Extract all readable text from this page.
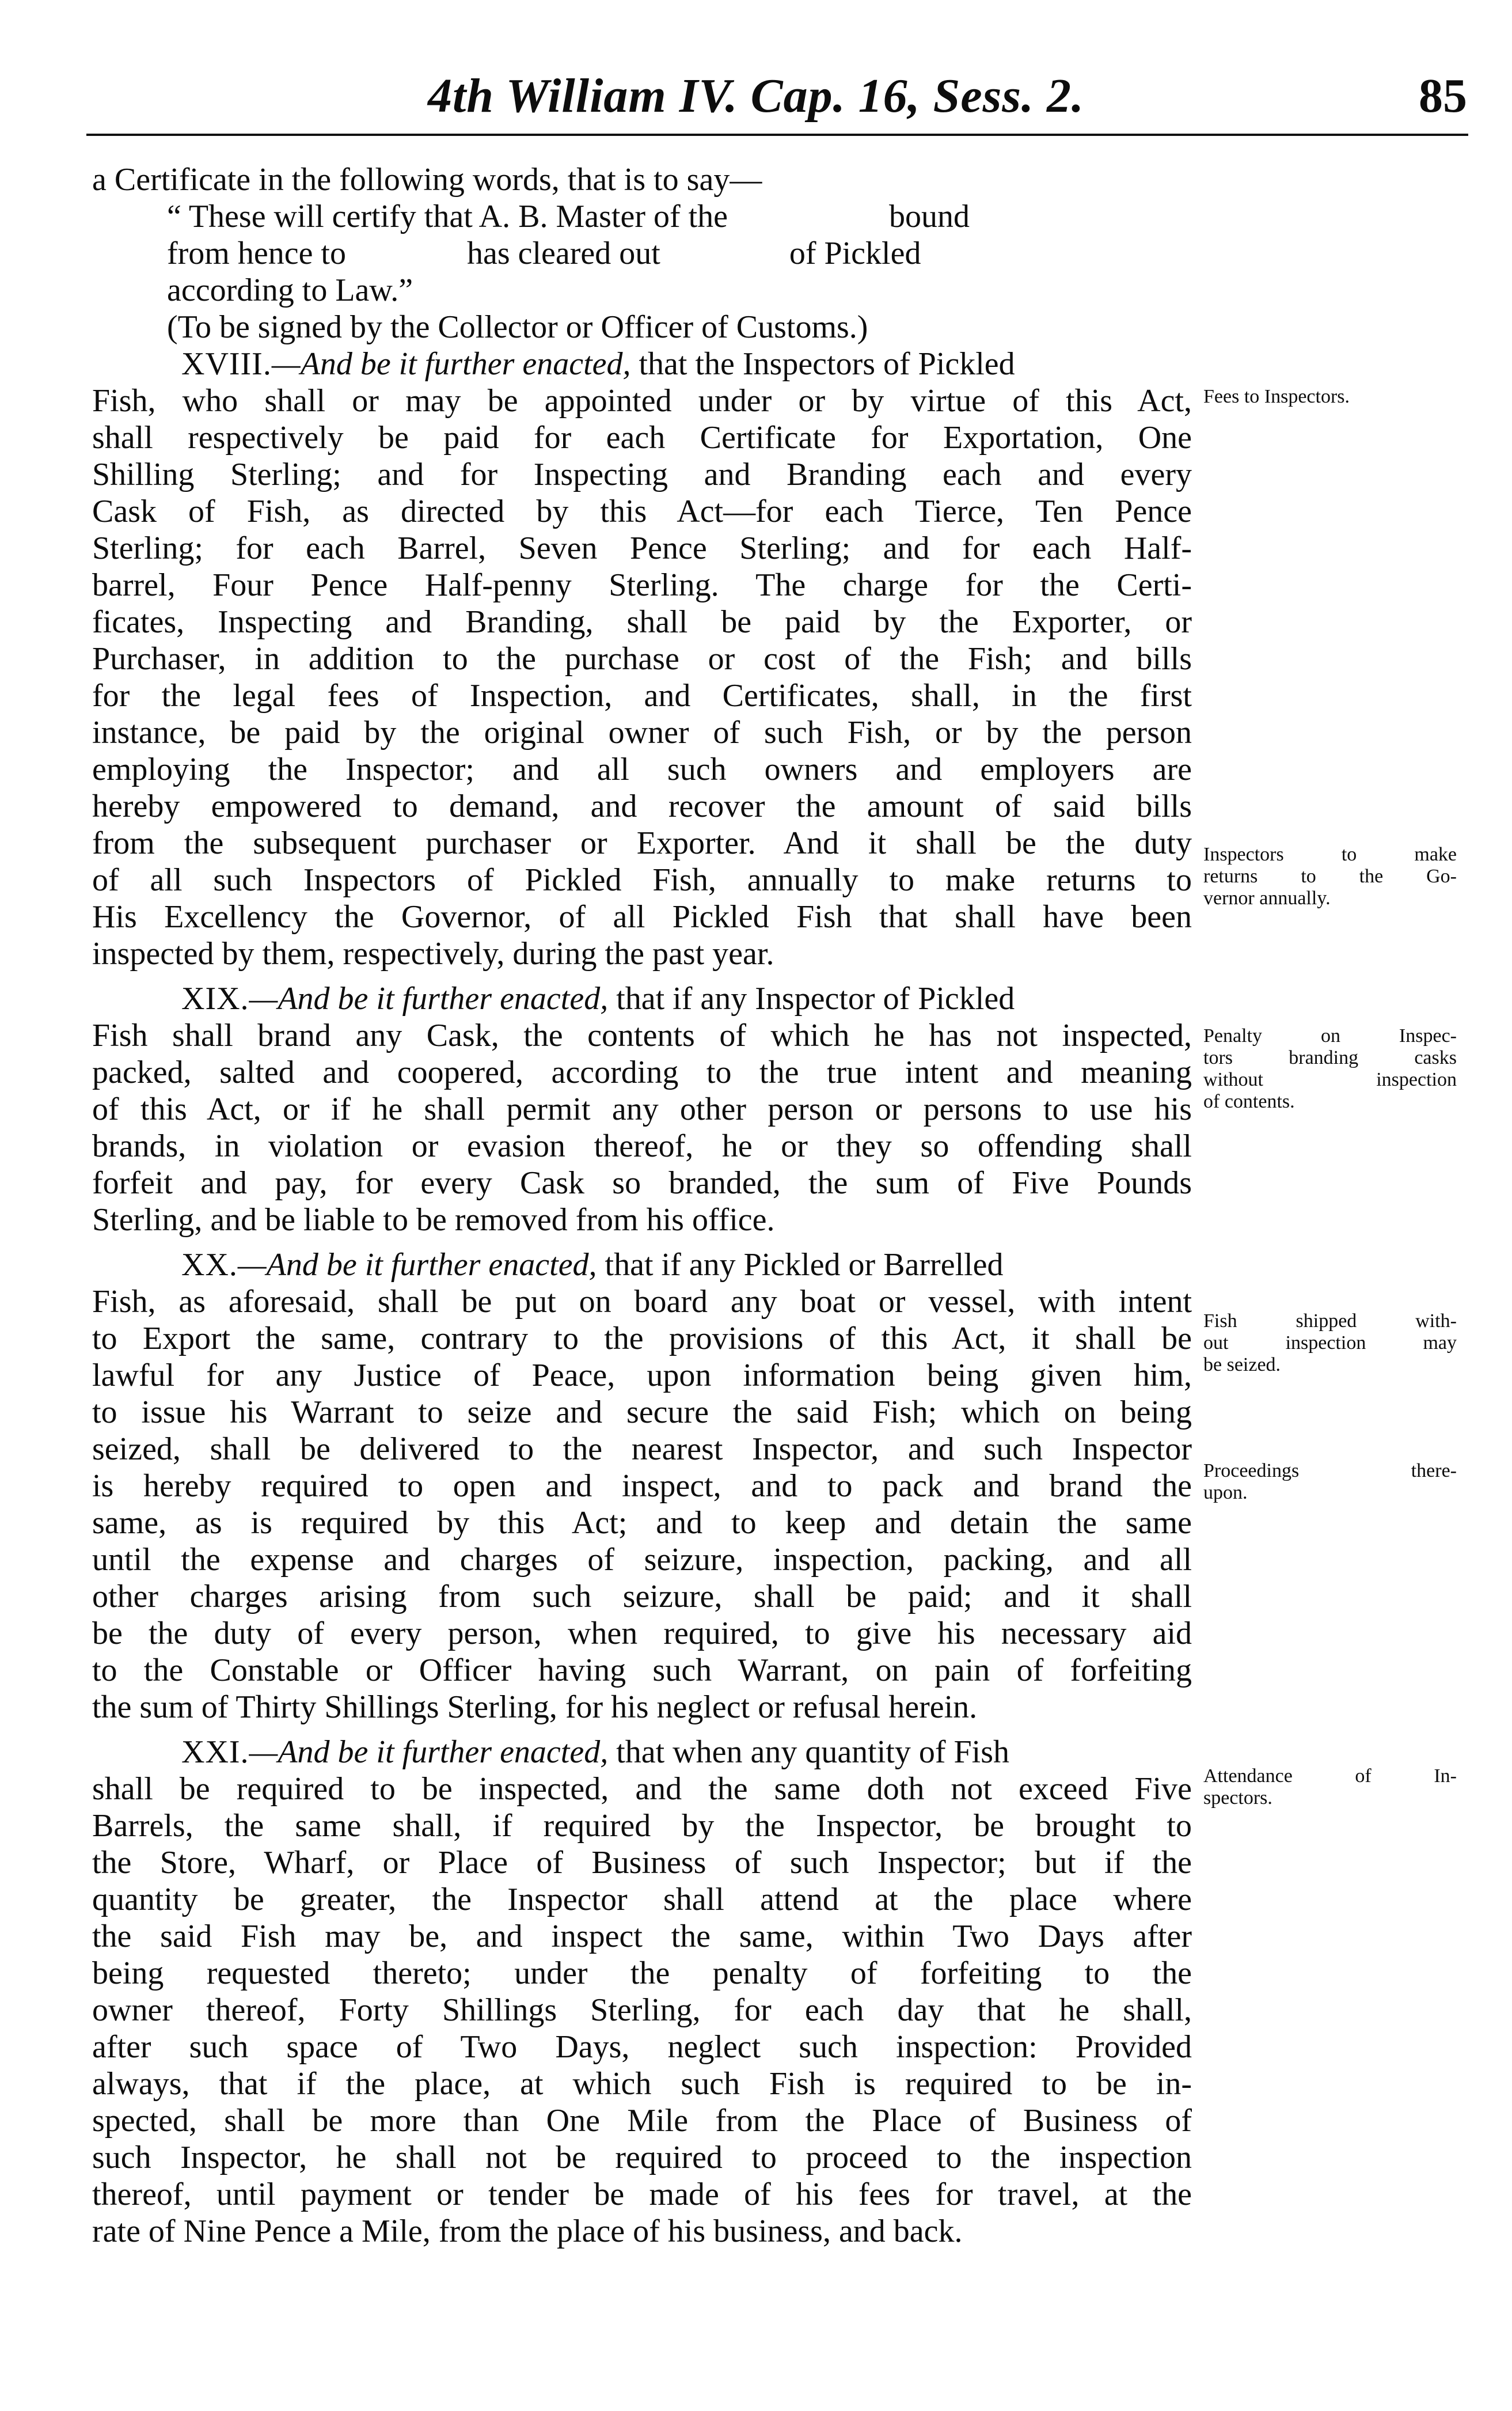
4th William IV. Cap. 16, Sess. 2.	85
a Certificate in the following words, that is to say—
“ These will certify that A. B. Master of the                    bound
from hence to               has cleared out                of Pickled
according to Law.”
(To be signed by the Collector or Officer of Customs.)
XVIII.—And be it further enacted, that the Inspectors of Pickled
Fish, who shall or may be appointed under or by virtue of this Act,
shall respectively be paid for each Certificate for Exportation, One
Shilling Sterling; and for Inspecting and Branding each and every
Cask of Fish, as directed by this Act—for each Tierce, Ten Pence
Sterling; for each Barrel, Seven Pence Sterling; and for each Half-
barrel, Four Pence Half-penny Sterling. The charge for the Certi-
ficates, Inspecting and Branding, shall be paid by the Exporter, or
Purchaser, in addition to the purchase or cost of the Fish; and bills
for the legal fees of Inspection, and Certificates, shall, in the first
instance, be paid by the original owner of such Fish, or by the person
employing the Inspector; and all such owners and employers are
hereby empowered to demand, and recover the amount of said bills
from the subsequent purchaser or Exporter. And it shall be the duty
of all such Inspectors of Pickled Fish, annually to make returns to
His Excellency the Governor, of all Pickled Fish that shall have been
inspected by them, respectively, during the past year.
XIX.—And be it further enacted, that if any Inspector of Pickled
Fish shall brand any Cask, the contents of which he has not inspected,
packed, salted and coopered, according to the true intent and meaning
of this Act, or if he shall permit any other person or persons to use his
brands, in violation or evasion thereof, he or they so offending shall
forfeit and pay, for every Cask so branded, the sum of Five Pounds
Sterling, and be liable to be removed from his office.
XX.—And be it further enacted, that if any Pickled or Barrelled
Fish, as aforesaid, shall be put on board any boat or vessel, with intent
to Export the same, contrary to the provisions of this Act, it shall be
lawful for any Justice of Peace, upon information being given him,
to issue his Warrant to seize and secure the said Fish; which on being
seized, shall be delivered to the nearest Inspector, and such Inspector
is hereby required to open and inspect, and to pack and brand the
same, as is required by this Act; and to keep and detain the same
until the expense and charges of seizure, inspection, packing, and all
other charges arising from such seizure, shall be paid; and it shall
be the duty of every person, when required, to give his necessary aid
to the Constable or Officer having such Warrant, on pain of forfeiting
the sum of Thirty Shillings Sterling, for his neglect or refusal herein.
XXI.—And be it further enacted, that when any quantity of Fish
shall be required to be inspected, and the same doth not exceed Five
Barrels, the same shall, if required by the Inspector, be brought to
the Store, Wharf, or Place of Business of such Inspector; but if the
quantity be greater, the Inspector shall attend at the place where
the said Fish may be, and inspect the same, within Two Days after
being requested thereto; under the penalty of forfeiting to the
owner thereof, Forty Shillings Sterling, for each day that he shall,
after such space of Two Days, neglect such inspection: Provided
always, that if the place, at which such Fish is required to be in-
spected, shall be more than One Mile from the Place of Business of
such Inspector, he shall not be required to proceed to the inspection
thereof, until payment or tender be made of his fees for travel, at the
rate of Nine Pence a Mile, from the place of his business, and back.
Fees to Inspectors.
Inspectors to make
returns to the Go-
vernor annually.
Penalty on Inspec-
tors branding casks
without inspection
of contents.
Fish shipped with-
out inspection may
be seized.
Proceedings there-
upon.
Attendance of In-
spectors.
